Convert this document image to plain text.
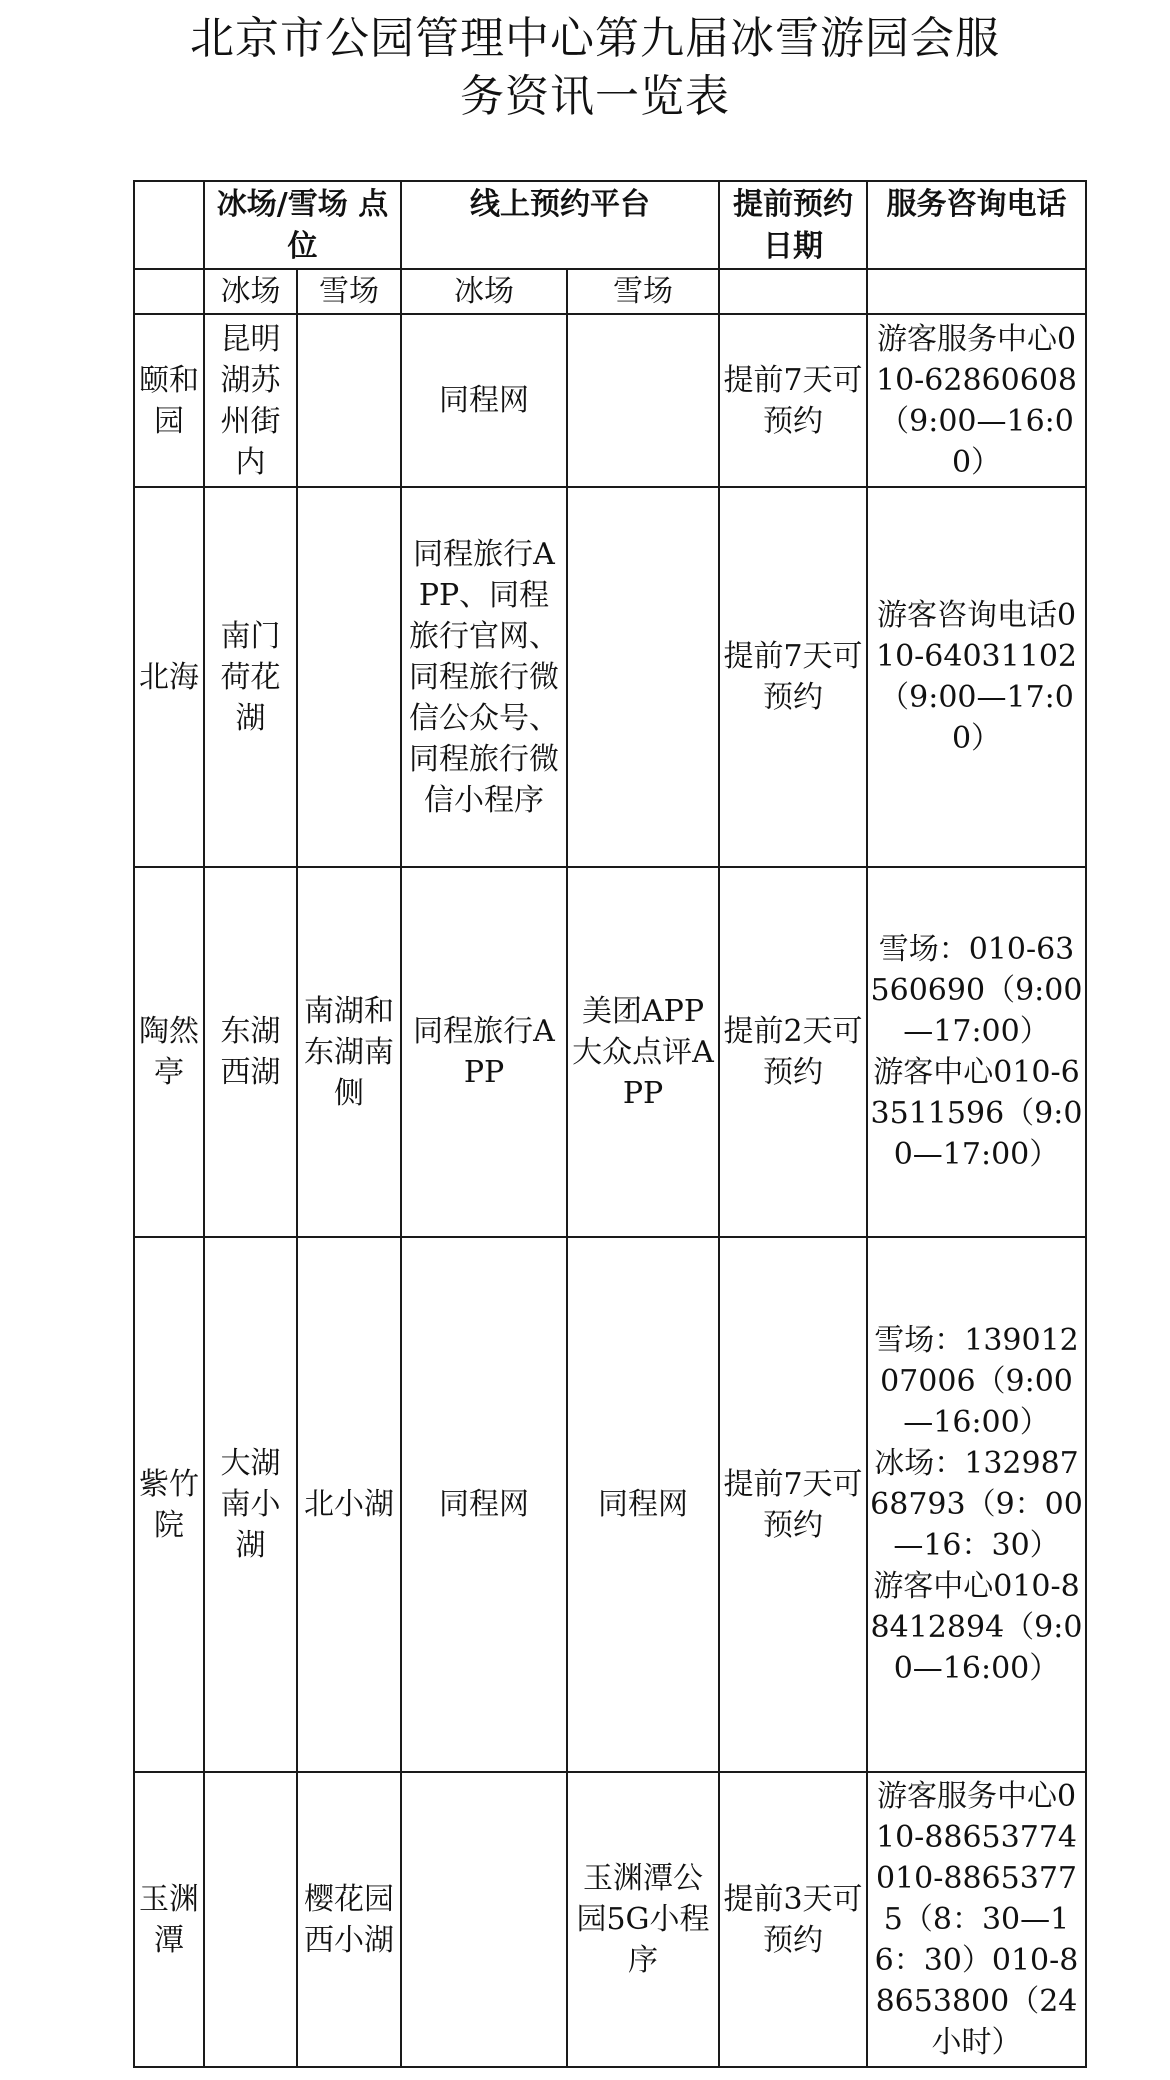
北京市公园管理中心第九届冰雪游园会服
务资讯一览表
	冰场/雪场 点位		线上预约平台		提前预约日期	服务咨询电话
	冰场	雪场	冰场	雪场		
颐和园	昆明湖苏州街内		同程网		提前7天可预约	游客服务中心010-62860608（9:00—16:00）

北海	南门荷花湖		同程旅行APP、同程旅行官网、同程旅行微信公众号、同程旅行微信小程序		提前7天可预约	游客咨询电话010-64031102（9:00—17:00）

陶然亭	东湖西湖	南湖和东湖南侧	同程旅行APP	美团APP大众点评APP	提前2天可预约	雪场：010-63560690（9:00—17:00）
游客中心010-63511596（9:00—17:00）

紫竹院	大湖南小湖	北小湖	同程网	同程网	提前7天可预约	雪场：13901207006（9:00—16:00）
冰场：13298768793（9：00—16：30）
游客中心010-88412894（9:00—16:00）

玉渊潭		樱花园西小湖		玉渊潭公园5G小程序	提前3天可预约	游客服务中心010-88653774010-88653775（8：30—16：30）010-88653800（24小时）
